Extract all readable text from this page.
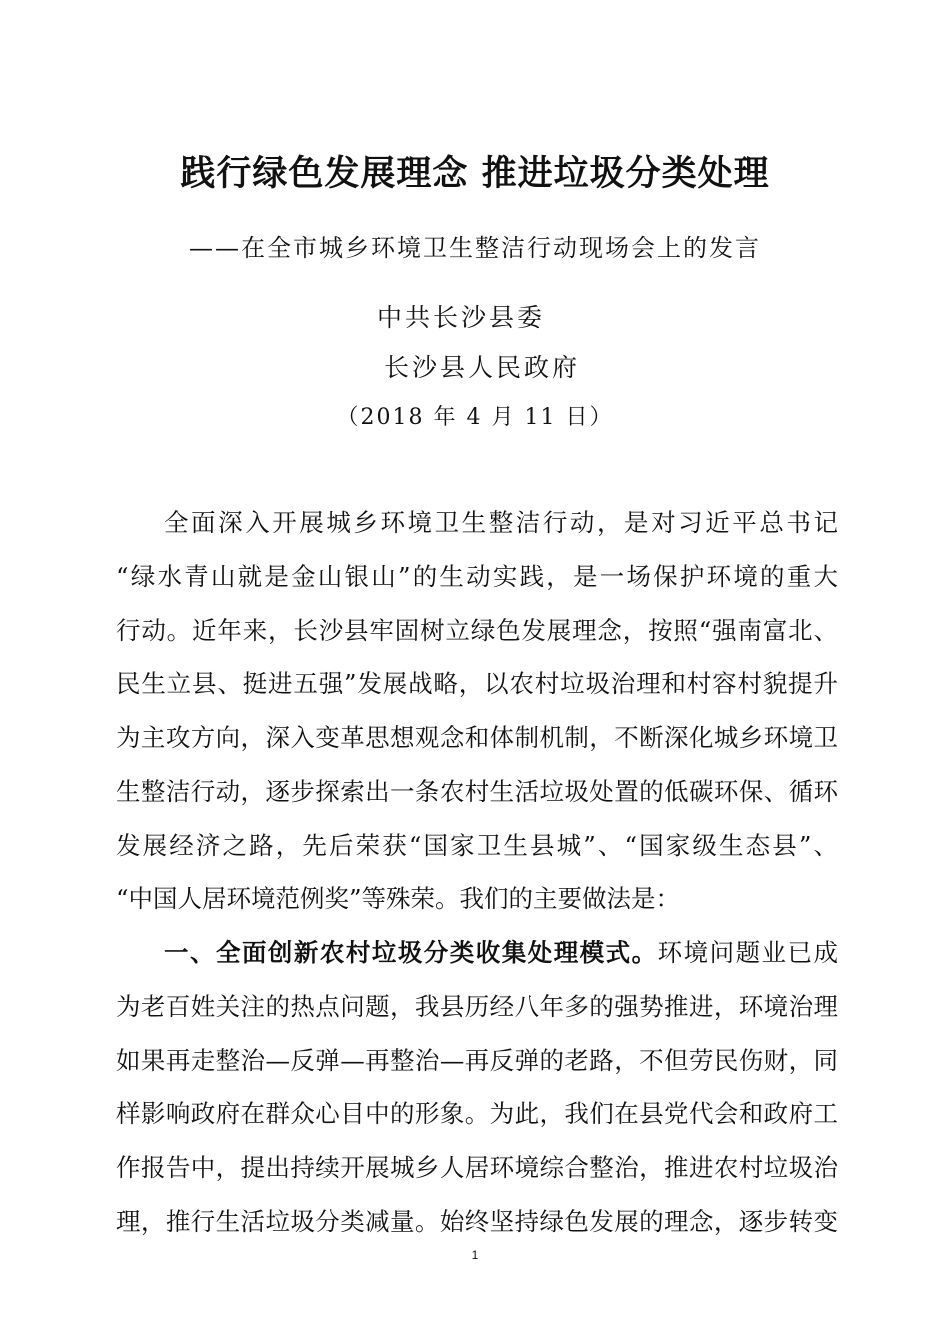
践行绿色发展理念 推进垃圾分类处理
——在全市城乡环境卫生整洁行动现场会上的发言
中共长沙县委
长沙县人民政府
（2018 年 4 月 11 日）
全面深入开展城乡环境卫生整洁行动，是对习近平总书记
“绿水青山就是金山银山”的生动实践，是一场保护环境的重大
行动。近年来，长沙县牢固树立绿色发展理念，按照“强南富北、
民生立县、挺进五强”发展战略，以农村垃圾治理和村容村貌提升
为主攻方向，深入变革思想观念和体制机制，不断深化城乡环境卫
生整洁行动，逐步探索出一条农村生活垃圾处置的低碳环保、循环
发展经济之路，先后荣获“国家卫生县城”、“国家级生态县”、
“中国人居环境范例奖”等殊荣。我们的主要做法是：
一、全面创新农村垃圾分类收集处理模式。环境问题业已成
为老百姓关注的热点问题，我县历经八年多的强势推进，环境治理
如果再走整治—反弹—再整治—再反弹的老路，不但劳民伤财，同
样影响政府在群众心目中的形象。为此，我们在县党代会和政府工
作报告中，提出持续开展城乡人居环境综合整治，推进农村垃圾治
理，推行生活垃圾分类减量。始终坚持绿色发展的理念，逐步转变
1
